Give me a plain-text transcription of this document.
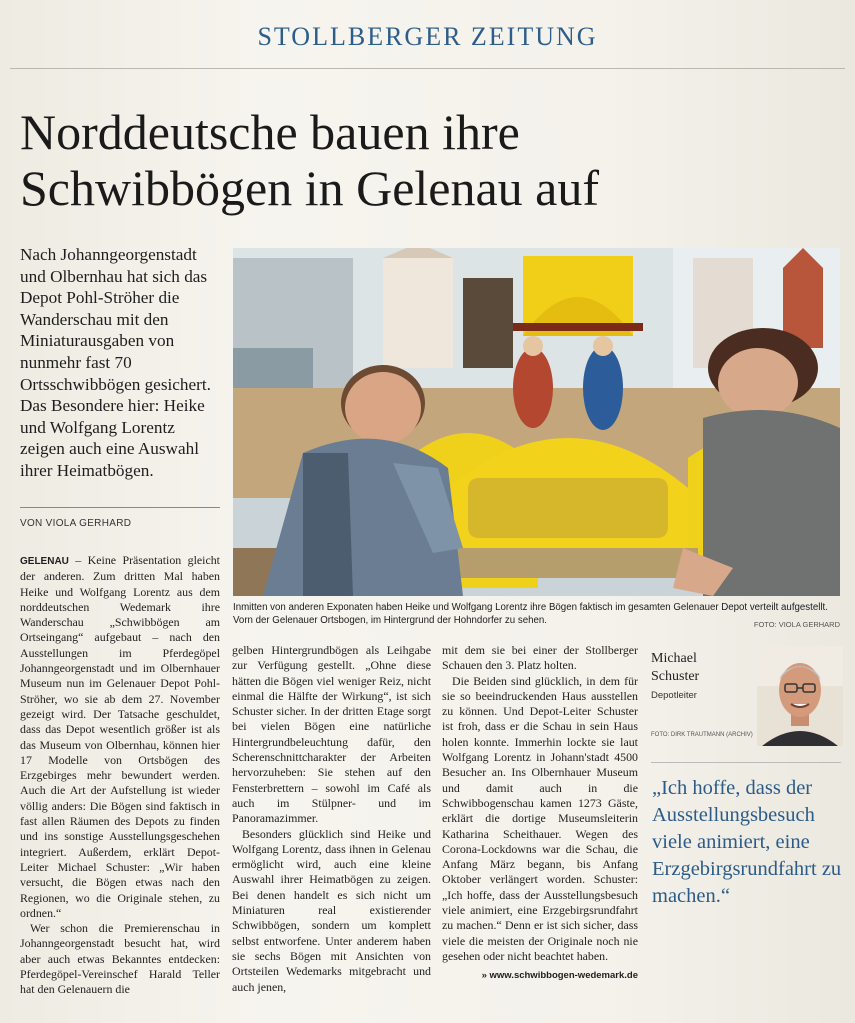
STOLLBERGER ZEITUNG
Norddeutsche bauen ihre
Schwibbögen in Gelenau auf
Nach Johanngeorgenstadt und Olbernhau hat sich das Depot Pohl-Ströher die Wanderschau mit den Miniaturausgaben von nunmehr fast 70 Ortsschwibbögen gesichert. Das Besondere hier: Heike und Wolfgang Lorentz zeigen auch eine Auswahl ihrer Heimatbögen.
VON VIOLA GERHARD
Inmitten von anderen Exponaten haben Heike und Wolfgang Lorentz ihre Bögen faktisch im gesamten Gelenauer Depot verteilt aufgestellt. Vorn der Gelenauer Ortsbogen, im Hintergrund der Hohndorfer zu sehen.	FOTO: VIOLA GERHARD

GELENAU – Keine Präsentation gleicht der anderen. Zum dritten Mal haben Heike und Wolfgang Lorentz aus dem norddeutschen Wedemark ihre Wanderschau „Schwibbögen am Ortseingang“ aufgebaut – nach den Ausstellungen im Pferdegöpel Johanngeorgenstadt und im Olbernhauer Museum nun im Gelenauer Depot Pohl-Ströher, wo sie ab dem 27. November gezeigt wird. Der Tatsache geschuldet, dass das Depot wesentlich größer ist als das Museum von Olbernhau, können hier 17 Modelle von Ortsbögen des Erzgebirges mehr bewundert werden. Auch die Art der Aufstellung ist wieder völlig anders: Die Bögen sind faktisch in fast allen Räumen des Depots zu finden und ins sonstige Ausstellungsgeschehen integriert. Außerdem, erklärt Depot-Leiter Michael Schuster: „Wir haben versucht, die Bögen etwas nach den Regionen, wo die Originale stehen, zu ordnen.“

Wer schon die Premierenschau in Johanngeorgenstadt besucht hat, wird aber auch etwas Bekanntes entdecken: Pferdegöpel-Vereinschef Harald Teller hat den Gelenauern die

gelben Hintergrundbögen als Leihgabe zur Verfügung gestellt. „Ohne diese hätten die Bögen viel weniger Reiz, nicht einmal die Hälfte der Wirkung“, ist sich Schuster sicher. In der dritten Etage sorgt bei vielen Bögen eine natürliche Hintergrundbeleuchtung dafür, den Scherenschnittcharakter der Arbeiten hervorzuheben: Sie stehen auf den Fensterbrettern – sowohl im Café als auch im Stülpner- und im Panoramazimmer.

Besonders glücklich sind Heike und Wolfgang Lorentz, dass ihnen in Gelenau ermöglicht wird, auch eine kleine Auswahl ihrer Heimatbögen zu zeigen. Bei denen handelt es sich nicht um Miniaturen real existierender Schwibbögen, sondern um komplett selbst entworfene. Unter anderem haben sie sechs Bögen mit Ansichten von Ortsteilen Wedemarks mitgebracht und auch jenen,

mit dem sie bei einer der Stollberger Schauen den 3. Platz holten.

Die Beiden sind glücklich, in dem für sie so beeindruckenden Haus ausstellen zu können. Und Depot-Leiter Schuster ist froh, dass er die Schau in sein Haus holen konnte. Immerhin lockte sie laut Wolfgang Lorentz in Johann'stadt 4500 Besucher an. Ins Olbernhauer Museum und damit auch in die Schwibbogenschau kamen 1273 Gäste, erklärt die dortige Museumsleiterin Katharina Scheithauer. Wegen des Corona-Lockdowns war die Schau, die Anfang März begann, bis Anfang Oktober verlängert worden. Schuster: „Ich hoffe, dass der Ausstellungsbesuch viele animiert, eine Erzgebirgsrundfahrt zu machen.“ Denn er ist sich sicher, dass viele die meisten der Originale noch nie gesehen oder nicht beachtet haben.

» www.schwibbogen-wedemark.de
Michael
Schuster
Depotleiter
FOTO: DIRK TRAUTMANN (ARCHIV)
„Ich hoffe, dass der Ausstellungsbesuch viele animiert, eine Erzgebirgsrundfahrt zu machen.“
